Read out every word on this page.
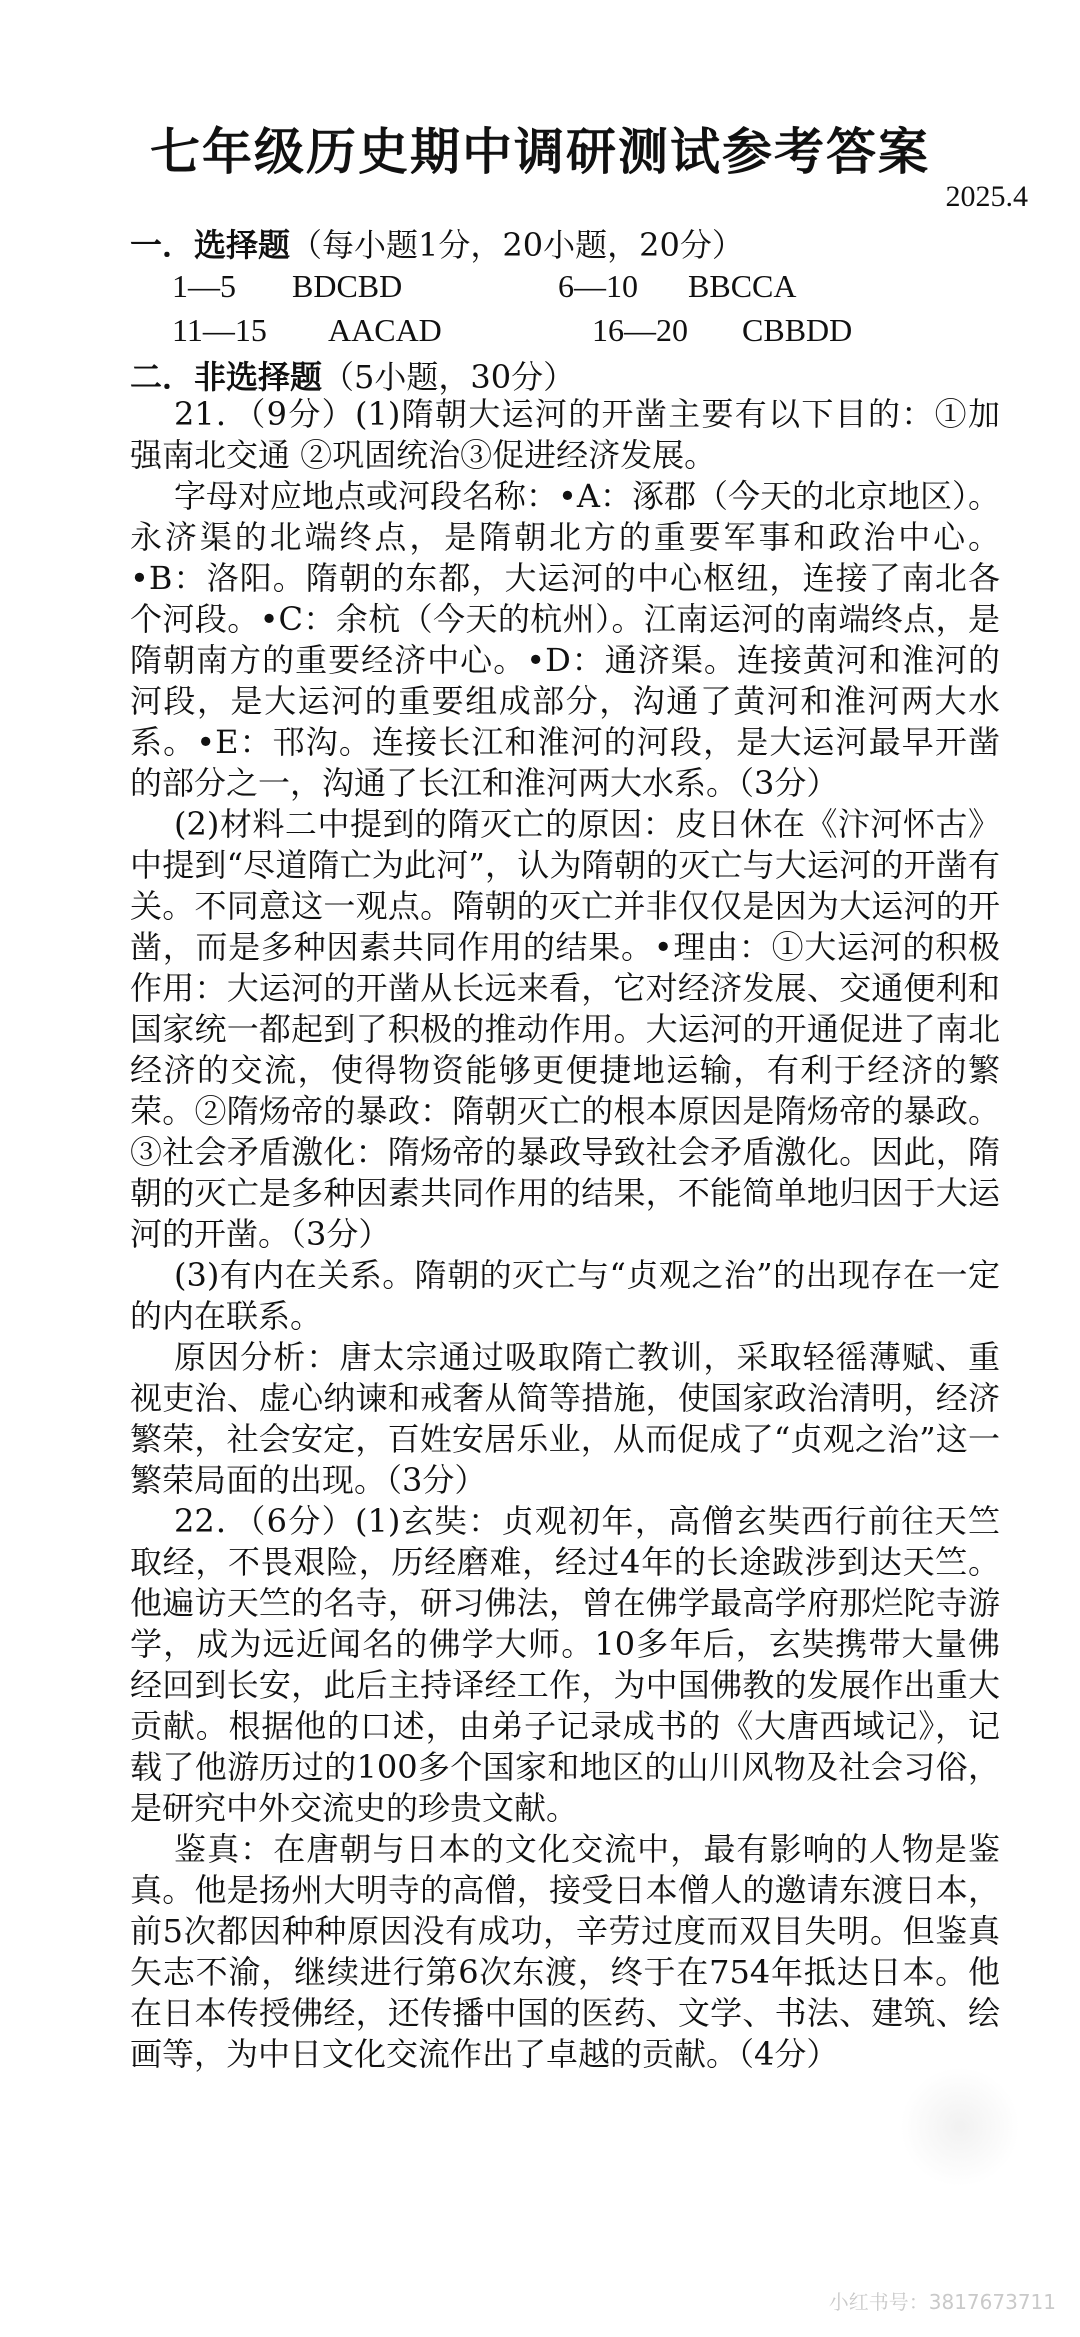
七年级历史期中调研测试参考答案
2025.4
一．选择题（每小题1分，20小题，20分）
1—5 BDCBD	6—10 BBCCA
11—15 AACAD	16—20 CBBDD
二．非选择题（5小题，30分）

21．（9分）(1)隋朝大运河的开凿主要有以下目的：①加强南北交通 ②巩固统治③促进经济发展。

字母对应地点或河段名称：•A：涿郡（今天的北京地区）。永济渠的北端终点，是隋朝北方的重要军事和政治中心。•B：洛阳。隋朝的东都，大运河的中心枢纽，连接了南北各个河段。•C：余杭（今天的杭州）。江南运河的南端终点，是隋朝南方的重要经济中心。•D：通济渠。连接黄河和淮河的河段，是大运河的重要组成部分，沟通了黄河和淮河两大水系。•E：邗沟。连接长江和淮河的河段，是大运河最早开凿的部分之一，沟通了长江和淮河两大水系。（3分）

(2)材料二中提到的隋灭亡的原因：皮日休在《汴河怀古》中提到“尽道隋亡为此河”，认为隋朝的灭亡与大运河的开凿有关。不同意这一观点。隋朝的灭亡并非仅仅是因为大运河的开凿，而是多种因素共同作用的结果。•理由：①大运河的积极作用：大运河的开凿从长远来看，它对经济发展、交通便利和国家统一都起到了积极的推动作用。大运河的开通促进了南北经济的交流，使得物资能够更便捷地运输，有利于经济的繁荣。②隋炀帝的暴政：隋朝灭亡的根本原因是隋炀帝的暴政。③社会矛盾激化：隋炀帝的暴政导致社会矛盾激化。因此，隋朝的灭亡是多种因素共同作用的结果，不能简单地归因于大运河的开凿。（3分）

(3)有内在关系。隋朝的灭亡与“贞观之治”的出现存在一定的内在联系。

原因分析：唐太宗通过吸取隋亡教训，采取轻徭薄赋、重视吏治、虚心纳谏和戒奢从简等措施，使国家政治清明，经济繁荣，社会安定，百姓安居乐业，从而促成了“贞观之治”这一繁荣局面的出现。（3分）

22．（6分）(1)玄奘：贞观初年，高僧玄奘西行前往天竺取经，不畏艰险，历经磨难，经过4年的长途跋涉到达天竺。他遍访天竺的名寺，研习佛法，曾在佛学最高学府那烂陀寺游学，成为远近闻名的佛学大师。10多年后，玄奘携带大量佛经回到长安，此后主持译经工作，为中国佛教的发展作出重大贡献。根据他的口述，由弟子记录成书的《大唐西域记》，记载了他游历过的100多个国家和地区的山川风物及社会习俗，是研究中外交流史的珍贵文献。

鉴真：在唐朝与日本的文化交流中，最有影响的人物是鉴真。他是扬州大明寺的高僧，接受日本僧人的邀请东渡日本，前5次都因种种原因没有成功，辛劳过度而双目失明。但鉴真矢志不渝，继续进行第6次东渡，终于在754年抵达日本。他在日本传授佛经，还传播中国的医药、文学、书法、建筑、绘画等，为中日文化交流作出了卓越的贡献。（4分）

小红书号：3817673711
